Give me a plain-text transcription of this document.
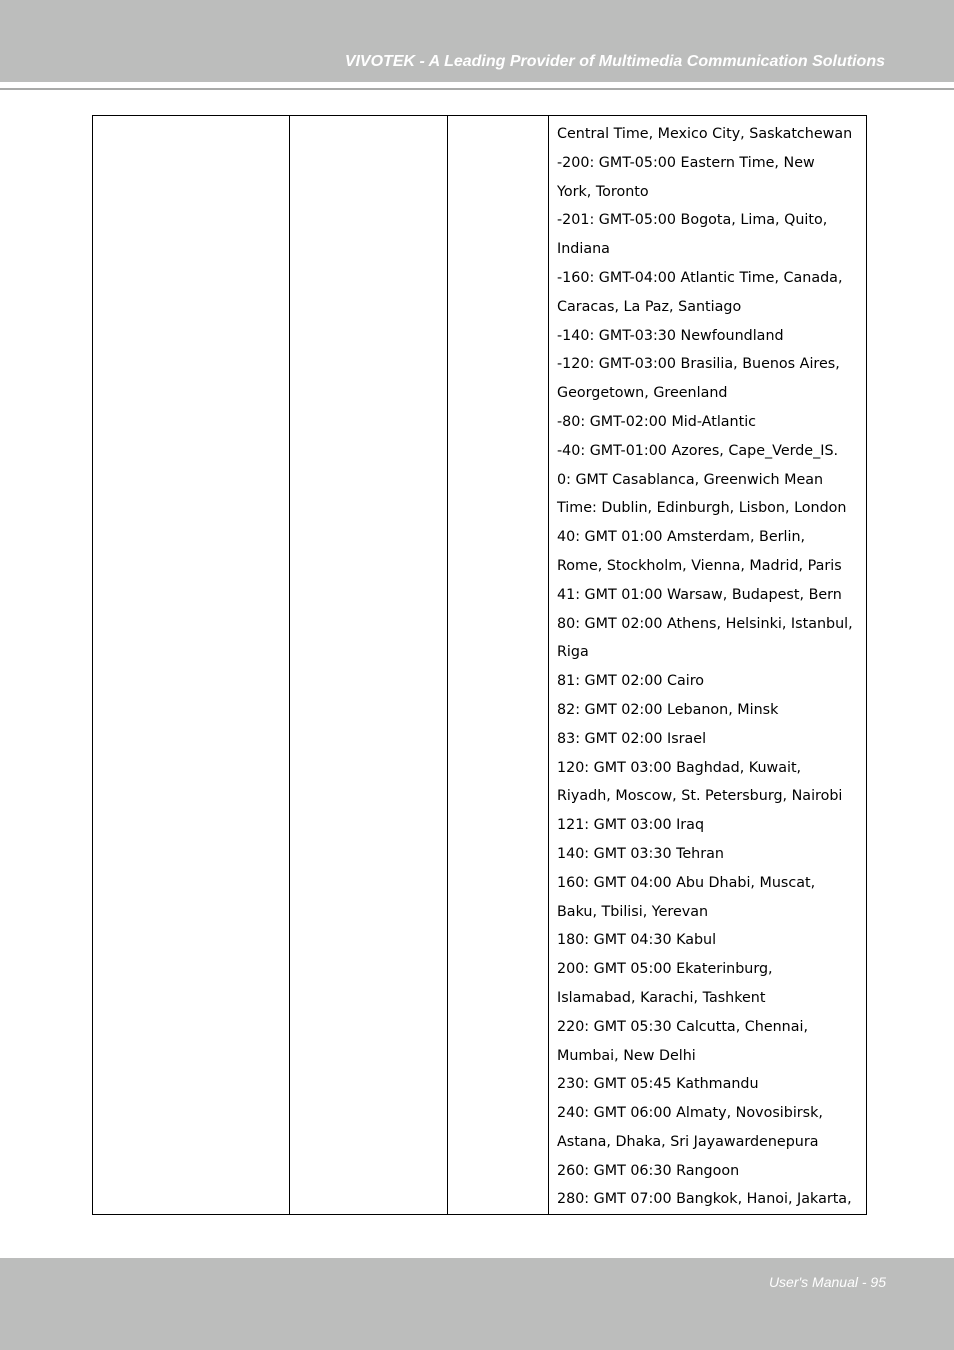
VIVOTEK - A Leading Provider of Multimedia Communication Solutions

Central Time, Mexico City, Saskatchewan
-200: GMT-05:00 Eastern Time, New
York, Toronto
-201: GMT-05:00 Bogota, Lima, Quito,
Indiana
-160: GMT-04:00 Atlantic Time, Canada,
Caracas, La Paz, Santiago
-140: GMT-03:30 Newfoundland
-120: GMT-03:00 Brasilia, Buenos Aires,
Georgetown, Greenland
-80: GMT-02:00 Mid-Atlantic
-40: GMT-01:00 Azores, Cape_Verde_IS.
0: GMT Casablanca, Greenwich Mean
Time: Dublin, Edinburgh, Lisbon, London
40: GMT 01:00 Amsterdam, Berlin,
Rome, Stockholm, Vienna, Madrid, Paris
41: GMT 01:00 Warsaw, Budapest, Bern
80: GMT 02:00 Athens, Helsinki, Istanbul,
Riga
81: GMT 02:00 Cairo
82: GMT 02:00 Lebanon, Minsk
83: GMT 02:00 Israel
120: GMT 03:00 Baghdad, Kuwait,
Riyadh, Moscow, St. Petersburg, Nairobi
121: GMT 03:00 Iraq
140: GMT 03:30 Tehran
160: GMT 04:00 Abu Dhabi, Muscat,
Baku, Tbilisi, Yerevan
180: GMT 04:30 Kabul
200: GMT 05:00 Ekaterinburg,
Islamabad, Karachi, Tashkent
220: GMT 05:30 Calcutta, Chennai,
Mumbai, New Delhi
230: GMT 05:45 Kathmandu
240: GMT 06:00 Almaty, Novosibirsk,
Astana, Dhaka, Sri Jayawardenepura
260: GMT 06:30 Rangoon
280: GMT 07:00 Bangkok, Hanoi, Jakarta,
User's Manual - 95
